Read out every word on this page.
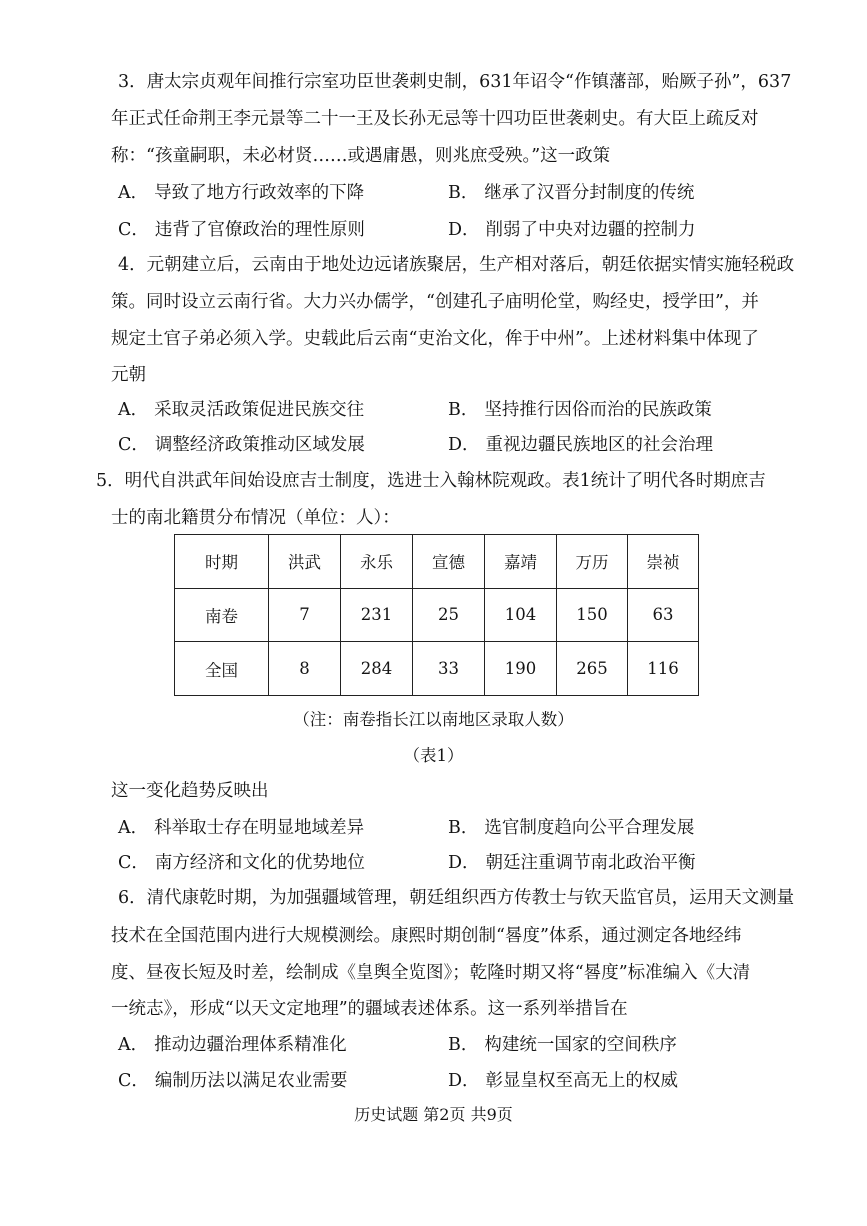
3．唐太宗贞观年间推行宗室功臣世袭刺史制，631年诏令“作镇藩部，贻厥子孙”，637
年正式任命荆王李元景等二十一王及长孙无忌等十四功臣世袭刺史。有大臣上疏反对
称：“孩童嗣职，未必材贤……或遇庸愚，则兆庶受殃。”这一政策
A． 导致了地方行政效率的下降	B． 继承了汉晋分封制度的传统
C． 违背了官僚政治的理性原则	D． 削弱了中央对边疆的控制力
4．元朝建立后，云南由于地处边远诸族聚居，生产相对落后，朝廷依据实情实施轻税政
策。同时设立云南行省。大力兴办儒学，“创建孔子庙明伦堂，购经史，授学田”，并
规定土官子弟必须入学。史载此后云南“吏治文化，侔于中州”。上述材料集中体现了
元朝
A． 采取灵活政策促进民族交往	B． 坚持推行因俗而治的民族政策
C． 调整经济政策推动区域发展	D． 重视边疆民族地区的社会治理
5．明代自洪武年间始设庶吉士制度，选进士入翰林院观政。表1统计了明代各时期庶吉
士的南北籍贯分布情况（单位：人）：
时期	洪武	永乐	宣德	嘉靖	万历	崇祯
南卷	7	231	25	104	150	63
全国	8	284	33	190	265	116
（注：南卷指长江以南地区录取人数）
（表1）
这一变化趋势反映出
A． 科举取士存在明显地域差异	B． 选官制度趋向公平合理发展
C． 南方经济和文化的优势地位	D． 朝廷注重调节南北政治平衡
6．清代康乾时期，为加强疆域管理，朝廷组织西方传教士与钦天监官员，运用天文测量
技术在全国范围内进行大规模测绘。康熙时期创制“晷度”体系，通过测定各地经纬
度、昼夜长短及时差，绘制成《皇舆全览图》；乾隆时期又将“晷度”标准编入《大清
一统志》，形成“以天文定地理”的疆域表述体系。这一系列举措旨在
A． 推动边疆治理体系精准化	B． 构建统一国家的空间秩序
C． 编制历法以满足农业需要	D． 彰显皇权至高无上的权威
历史试题 第2页 共9页
